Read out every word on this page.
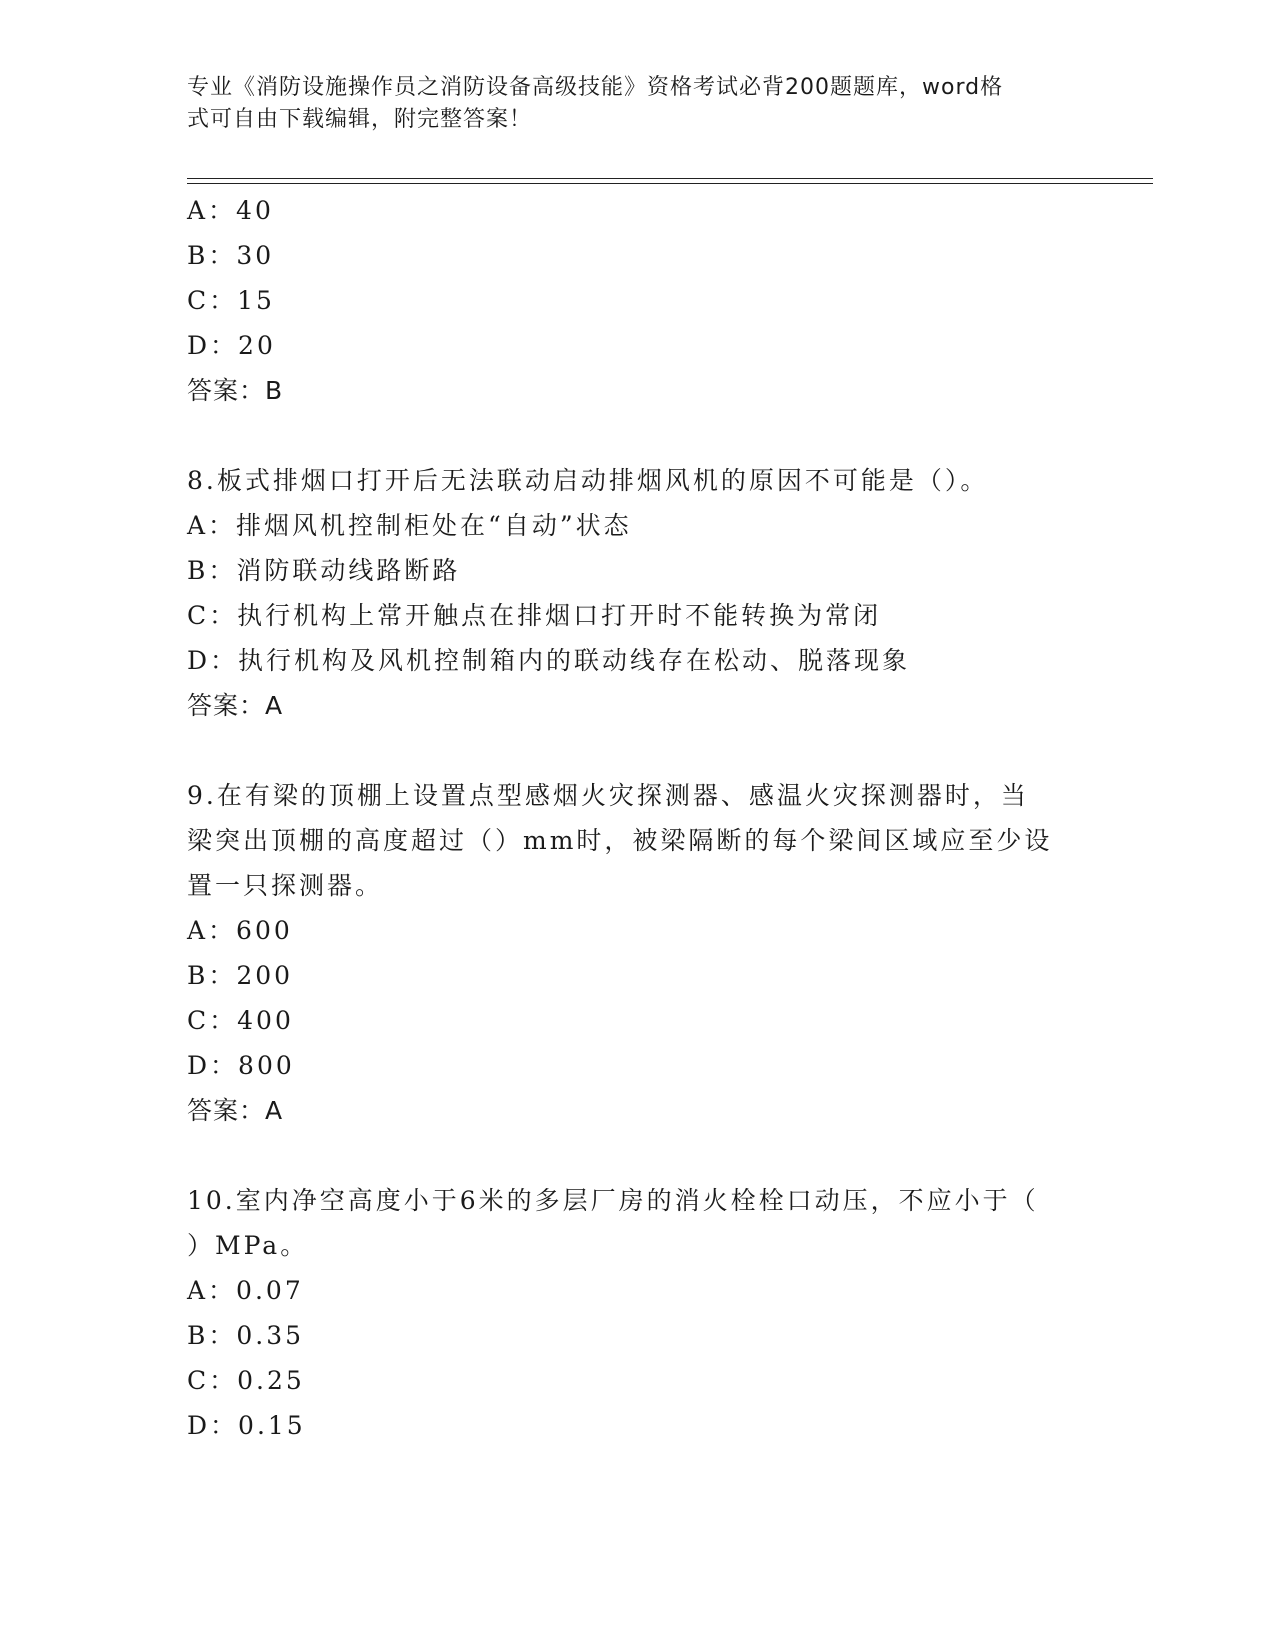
专业《消防设施操作员之消防设备高级技能》资格考试必背200题题库，word格
式可自由下载编辑，附完整答案！
A：40
B：30
C：15
D：20
答案：B
8.板式排烟口打开后无法联动启动排烟风机的原因不可能是（）。
A：排烟风机控制柜处在“自动”状态
B：消防联动线路断路
C：执行机构上常开触点在排烟口打开时不能转换为常闭
D：执行机构及风机控制箱内的联动线存在松动、脱落现象
答案：A
9.在有梁的顶棚上设置点型感烟火灾探测器、感温火灾探测器时，当
梁突出顶棚的高度超过（）mm时，被梁隔断的每个梁间区域应至少设
置一只探测器。
A：600
B：200
C：400
D：800
答案：A
10.室内净空高度小于6米的多层厂房的消火栓栓口动压，不应小于（
）MPa。
A：0.07
B：0.35
C：0.25
D：0.15
